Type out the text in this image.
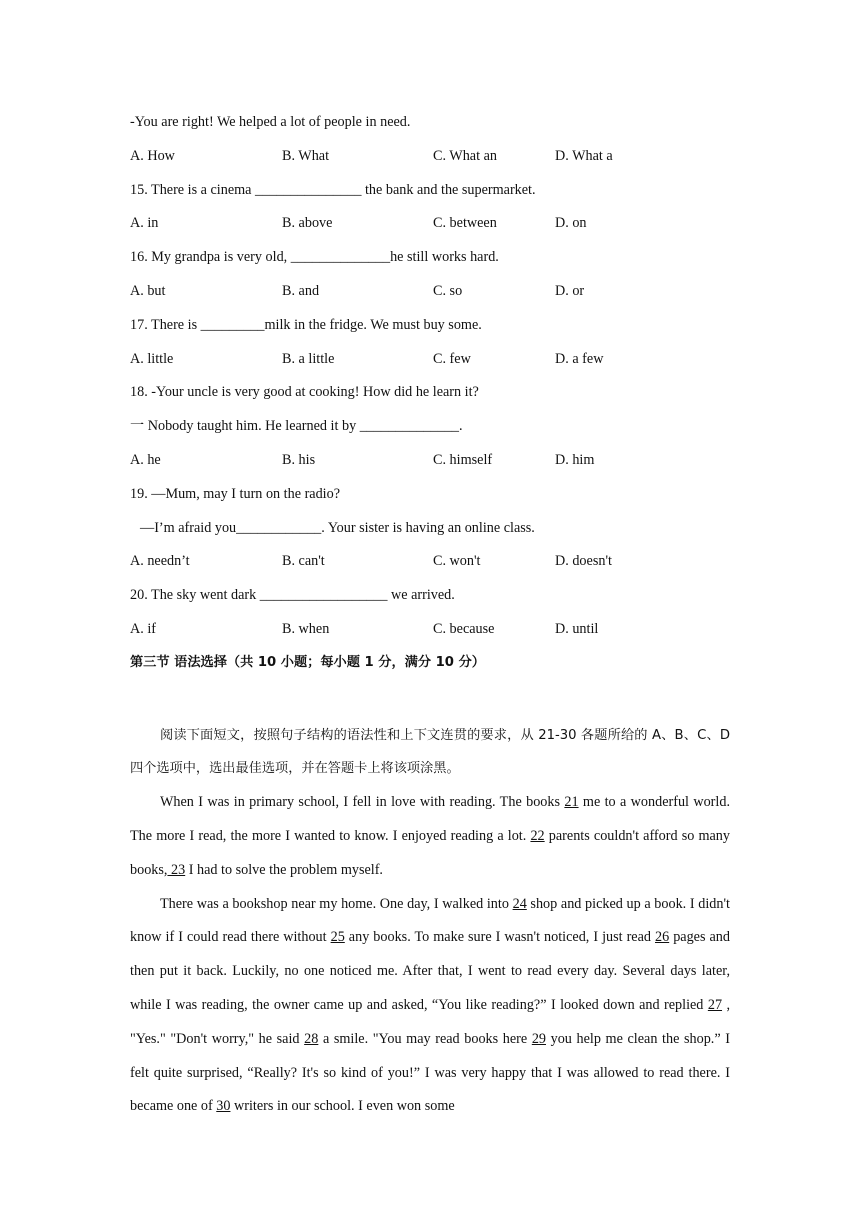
-You are right! We helped a lot of people in need.
A. How	B. What	C. What an	D. What a
15. There is a cinema _______________ the bank and the supermarket.
A. in	B. above	C. between	D. on
16. My grandpa is very old, ______________he still works hard.
A. but	B. and	C. so	D. or
17. There is _________milk in the fridge. We must buy some.
A. little	B. a little	C. few	D. a few
18. -Your uncle is very good at cooking! How did he learn it?
一 Nobody taught him. He learned it by ______________.
A. he	B. his	C. himself	D. him
19. —Mum, may I turn on the radio?
—I’m afraid you____________. Your sister is having an online class.
A. needn’t	B. can't	C. won't	D. doesn't
20. The sky went dark __________________ we arrived.
A. if	B. when	C. because	D. until
第三节 语法选择（共 10 小题；每小题 1 分，满分 10 分）

阅读下面短文，按照句子结构的语法性和上下文连贯的要求，从 21-30 各题所给的 A、B、C、D 四个选项中，选出最佳选项，并在答题卡上将该项涂黑。

When I was in primary school, I fell in love with reading. The books 21 me to a wonderful world. The more I read, the more I wanted to know. I enjoyed reading a lot. 22 parents couldn't afford so many books, 23 I had to solve the problem myself.

There was a bookshop near my home. One day, I walked into 24 shop and picked up a book. I didn't know if I could read there without 25 any books. To make sure I wasn't noticed, I just read 26 pages and then put it back. Luckily, no one noticed me. After that, I went to read every day. Several days later, while I was reading, the owner came up and asked, “You like reading?” I looked down and replied 27 , "Yes." "Don't worry," he said 28 a smile. "You may read books here 29 you help me clean the shop.” I felt quite surprised, “Really? It's so kind of you!” I was very happy that I was allowed to read there. I became one of 30 writers in our school. I even won some
